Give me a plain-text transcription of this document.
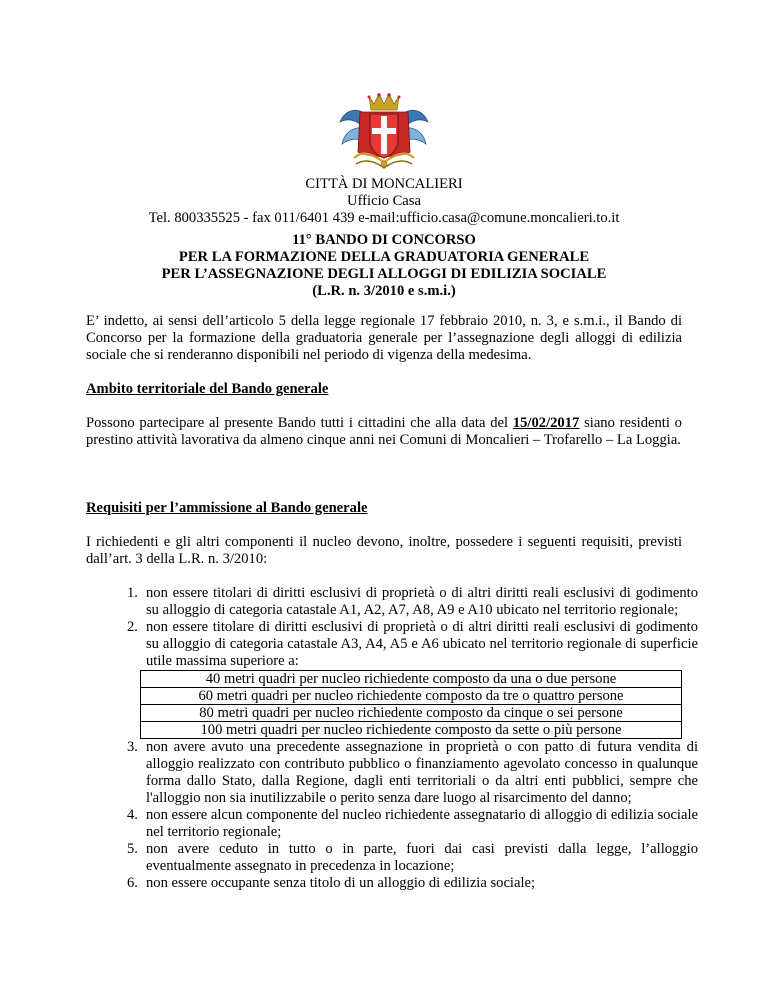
CITTÀ DI MONCALIERI
Ufficio Casa
Tel. 800335525 - fax 011/6401 439 e-mail:ufficio.casa@comune.moncalieri.to.it
11° BANDO DI CONCORSO
PER LA FORMAZIONE DELLA GRADUATORIA GENERALE
PER L’ASSEGNAZIONE DEGLI ALLOGGI DI EDILIZIA SOCIALE
(L.R. n. 3/2010 e s.m.i.)
E’ indetto, ai sensi dell’articolo 5 della legge regionale 17 febbraio 2010, n. 3, e s.m.i., il Bando di Concorso per la formazione della graduatoria generale per l’assegnazione degli alloggi di edilizia sociale che si renderanno disponibili nel periodo di vigenza della medesima.
Ambito territoriale del Bando generale
Possono partecipare al presente Bando tutti i cittadini che alla data del 15/02/2017 siano residenti o prestino attività lavorativa da almeno cinque anni nei Comuni di Moncalieri – Trofarello – La Loggia.
Requisiti per l’ammissione al Bando generale
I richiedenti e gli altri componenti il nucleo devono, inoltre, possedere i seguenti requisiti, previsti dall’art. 3 della L.R. n. 3/2010:
1. non essere titolari di diritti esclusivi di proprietà o di altri diritti reali esclusivi di godimento su alloggio di categoria catastale A1, A2, A7, A8, A9 e A10 ubicato nel territorio regionale;
2. non essere titolare di diritti esclusivi di proprietà o di altri diritti reali esclusivi di godimento su alloggio di categoria catastale A3, A4, A5 e A6 ubicato nel territorio regionale di superficie utile massima superiore a:
40 metri quadri per nucleo richiedente composto da una o due persone
60 metri quadri per nucleo richiedente composto da tre o quattro persone
80 metri quadri per nucleo richiedente composto da cinque o sei persone
100 metri quadri per nucleo richiedente composto da sette o più persone
3. non avere avuto una precedente assegnazione in proprietà o con patto di futura vendita di alloggio realizzato con contributo pubblico o finanziamento agevolato concesso in qualunque forma dallo Stato, dalla Regione, dagli enti territoriali o da altri enti pubblici, sempre che l'alloggio non sia inutilizzabile o perito senza dare luogo al risarcimento del danno;
4. non essere alcun componente del nucleo richiedente assegnatario di alloggio di edilizia sociale nel territorio regionale;
5. non avere ceduto in tutto o in parte, fuori dai casi previsti dalla legge, l’alloggio eventualmente assegnato in precedenza in locazione;
6. non essere occupante senza titolo di un alloggio di edilizia sociale;
